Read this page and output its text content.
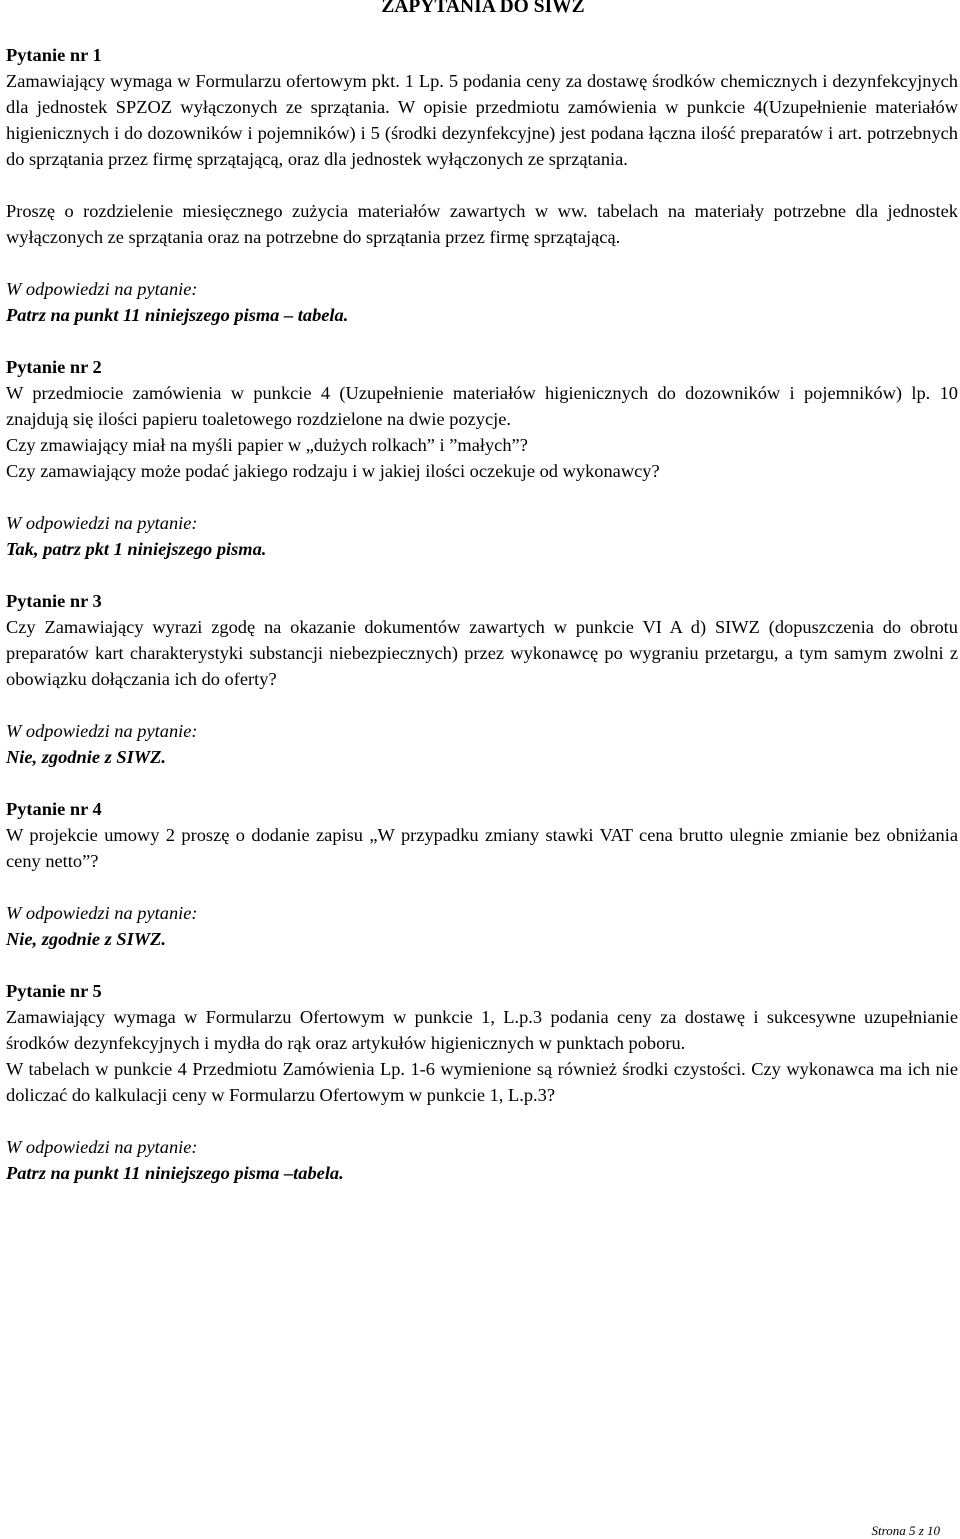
ZAPYTANIA DO SIWZ

Pytanie nr 1

Zamawiający wymaga w Formularzu ofertowym pkt. 1 Lp. 5 podania ceny za dostawę środków chemicznych i dezynfekcyjnych dla jednostek SPZOZ wyłączonych ze sprzątania. W opisie przedmiotu zamówienia w punkcie 4(Uzupełnienie materiałów higienicznych i do dozowników i pojemników) i 5 (środki dezynfekcyjne) jest podana łączna ilość preparatów i art. potrzebnych do sprzątania przez firmę sprzątającą, oraz dla jednostek wyłączonych ze sprzątania.

Proszę o rozdzielenie miesięcznego zużycia materiałów zawartych w ww. tabelach na materiały potrzebne dla jednostek wyłączonych ze sprzątania oraz na potrzebne do sprzątania przez firmę sprzątającą.

W odpowiedzi na pytanie:

Patrz na punkt 11 niniejszego pisma – tabela.

Pytanie nr 2

W przedmiocie zamówienia w punkcie 4 (Uzupełnienie materiałów higienicznych do dozowników i pojemników) lp. 10 znajdują się ilości papieru toaletowego rozdzielone na dwie pozycje.

Czy zmawiający miał na myśli papier w „dużych rolkach” i ”małych”?

Czy zamawiający może podać jakiego rodzaju i w jakiej ilości oczekuje od wykonawcy?

W odpowiedzi na pytanie:

Tak, patrz pkt 1 niniejszego pisma.

Pytanie nr 3

Czy Zamawiający wyrazi zgodę na okazanie dokumentów zawartych w punkcie VI A d) SIWZ (dopuszczenia do obrotu preparatów kart charakterystyki substancji niebezpiecznych) przez wykonawcę po wygraniu przetargu, a tym samym zwolni z obowiązku dołączania ich do oferty?

W odpowiedzi na pytanie:

Nie, zgodnie z SIWZ.

Pytanie nr 4

W projekcie umowy 2 proszę o dodanie zapisu „W przypadku zmiany stawki VAT cena brutto ulegnie zmianie bez obniżania ceny netto”?

W odpowiedzi na pytanie:

Nie, zgodnie z SIWZ.

Pytanie nr 5

Zamawiający wymaga w Formularzu Ofertowym w punkcie 1, L.p.3 podania ceny za dostawę i sukcesywne uzupełnianie środków dezynfekcyjnych i mydła do rąk oraz artykułów higienicznych w punktach poboru.

W tabelach w punkcie 4 Przedmiotu Zamówienia Lp. 1-6 wymienione są również środki czystości. Czy wykonawca ma ich nie doliczać do kalkulacji ceny w Formularzu Ofertowym w punkcie 1, L.p.3?

W odpowiedzi na pytanie:

Patrz na punkt 11 niniejszego pisma –tabela.

Strona 5 z 10
